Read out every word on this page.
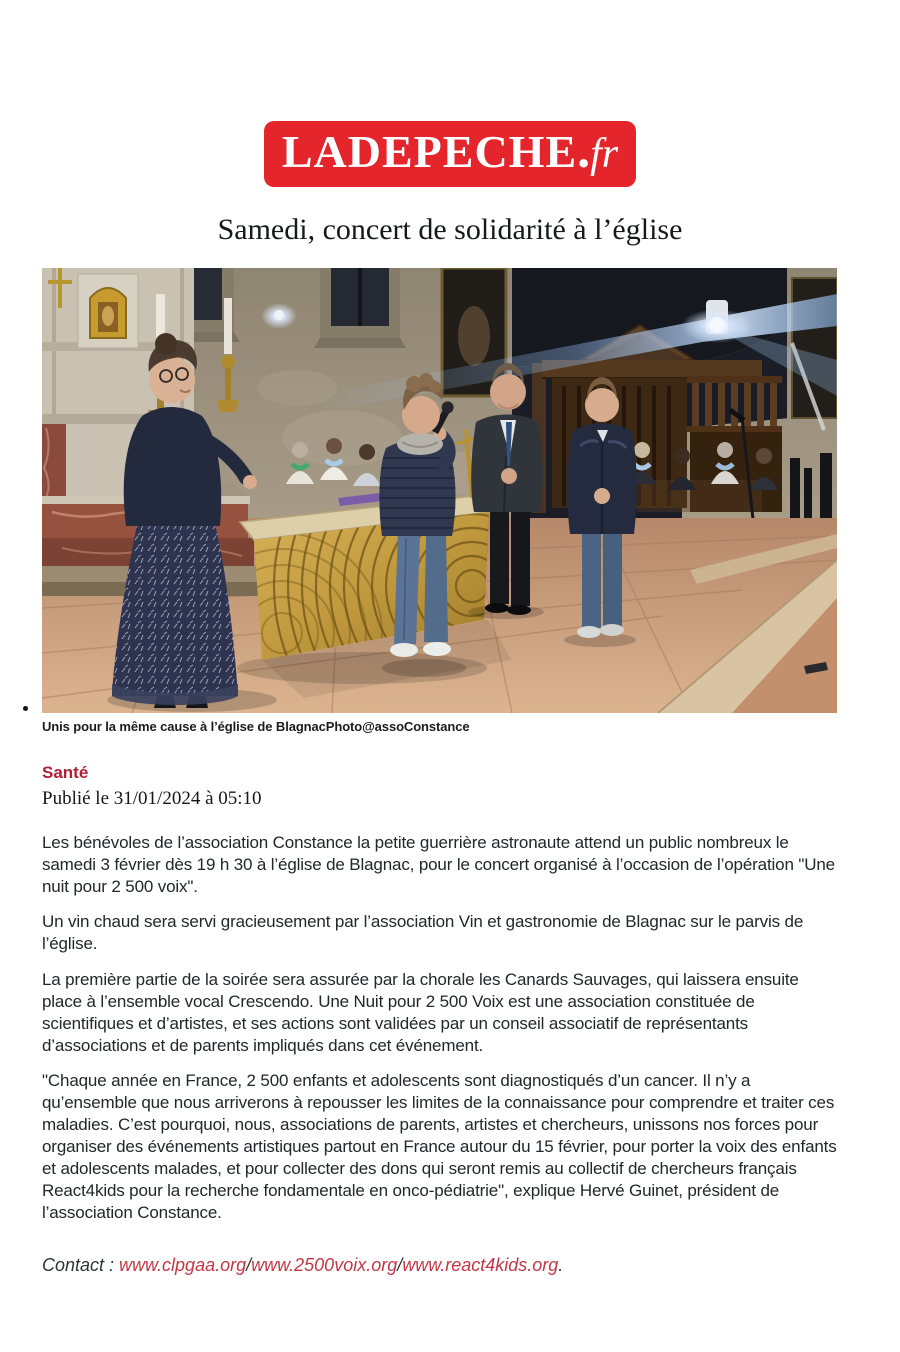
LADEPECHE.fr
Samedi, concert de solidarité à l’église
Unis pour la même cause à l’église de BlagnacPhoto@assoConstance
Santé
Publié le 31/01/2024 à 05:10

Les bénévoles de l’association Constance la petite guerrière astronaute attend un public nombreux le samedi 3 février dès 19 h 30 à l’église de Blagnac, pour le concert organisé à l’occasion de l’opération "Une nuit pour 2 500 voix".

Un vin chaud sera servi gracieusement par l’association Vin et gastronomie de Blagnac sur le parvis de l’église.

La première partie de la soirée sera assurée par la chorale les Canards Sauvages, qui laissera ensuite place à l’ensemble vocal Crescendo. Une Nuit pour 2 500 Voix est une association constituée de scientifiques et d’artistes, et ses actions sont validées par un conseil associatif de représentants d’associations et de parents impliqués dans cet événement.

"Chaque année en France, 2 500 enfants et adolescents sont diagnostiqués d’un cancer. Il n’y a qu’ensemble que nous arriverons à repousser les limites de la connaissance pour comprendre et traiter ces maladies. C’est pourquoi, nous, associations de parents, artistes et chercheurs, unissons nos forces pour organiser des événements artistiques partout en France autour du 15 février, pour porter la voix des enfants et adolescents malades, et pour collecter des dons qui seront remis au collectif de chercheurs français React4kids pour la recherche fondamentale en onco-pédiatrie", explique Hervé Guinet, président de l’association Constance.

Contact : www.clpgaa.org/www.2500voix.org/www.react4kids.org.
